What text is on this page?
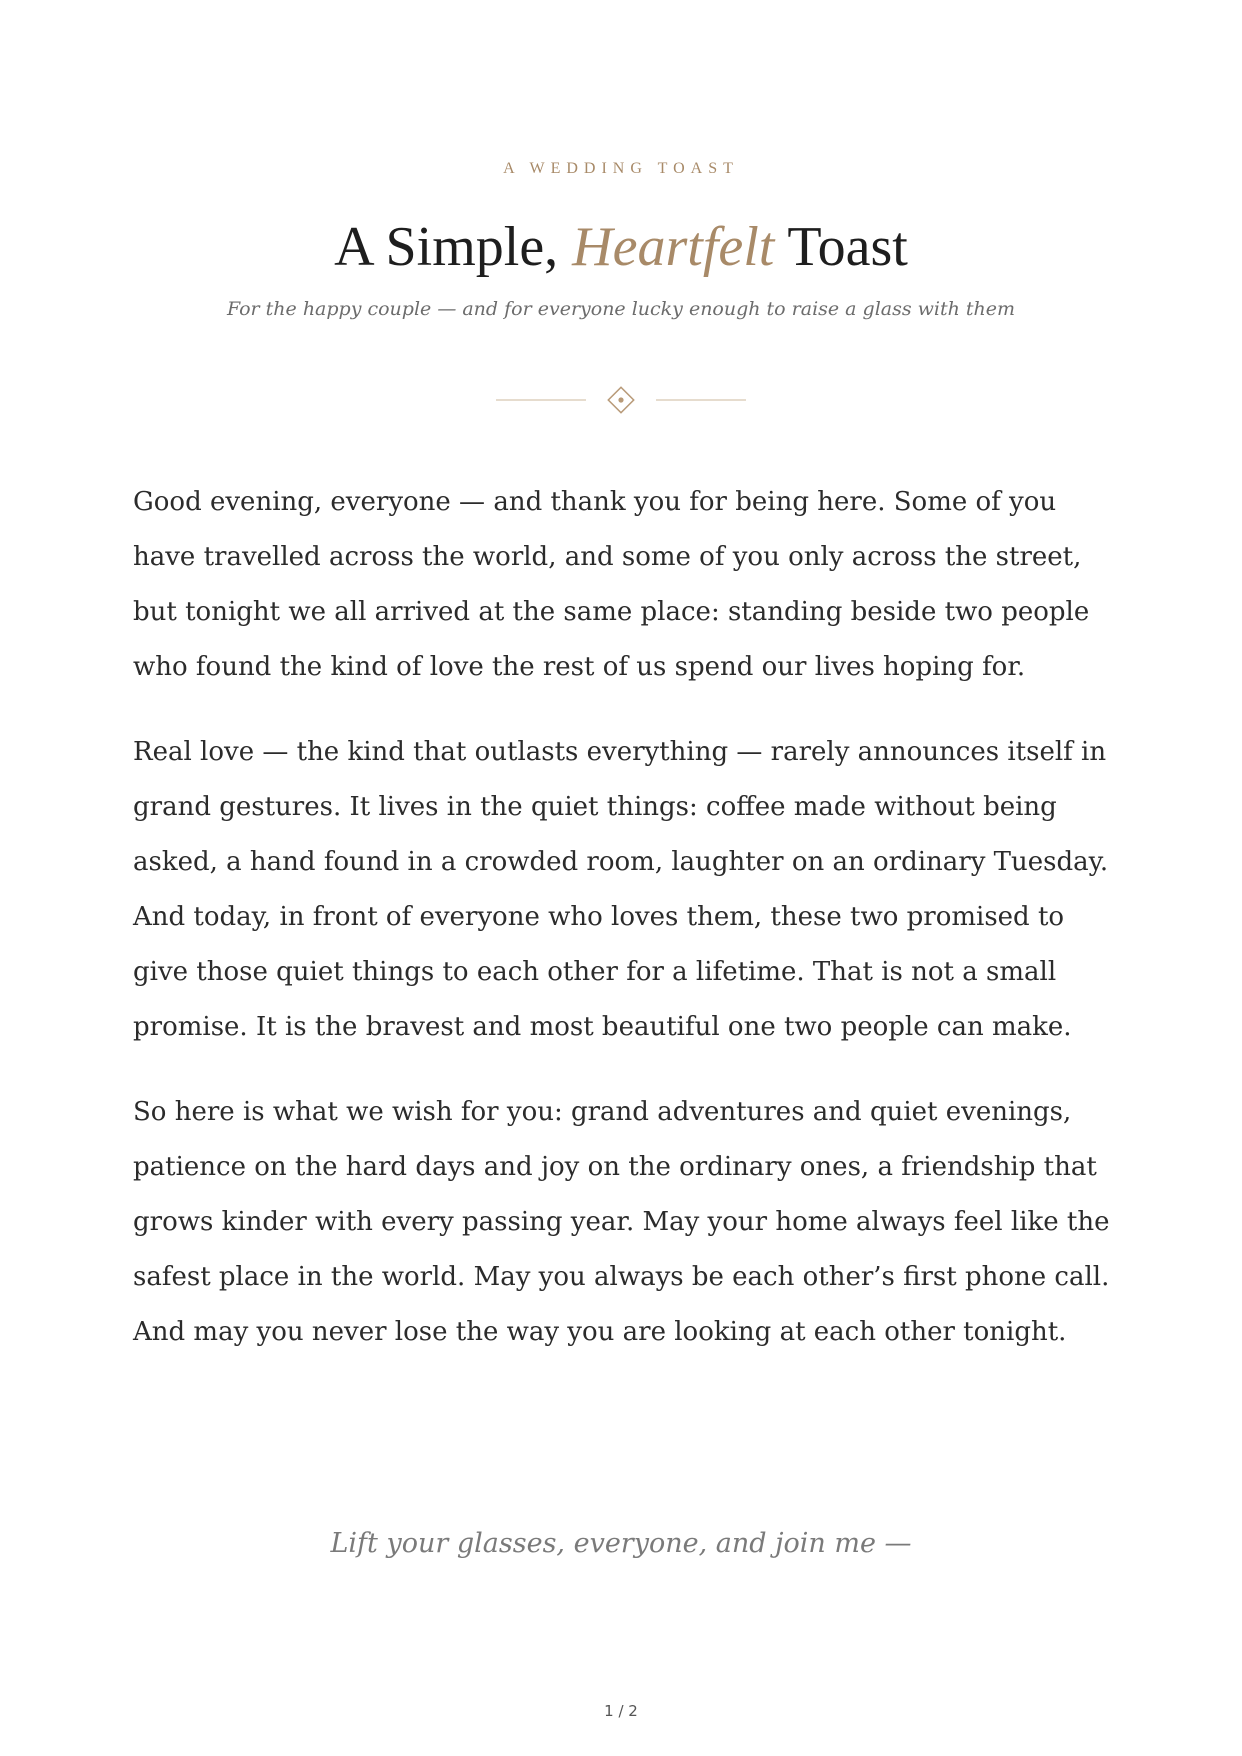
A WEDDING TOAST
A Simple, Heartfelt Toast
For the happy couple — and for everyone lucky enough to raise a glass with them

Good evening, everyone — and thank you for being here. Some of you have travelled across the world, and some of you only across the street, but tonight we all arrived at the same place: standing beside two people who found the kind of love the rest of us spend our lives hoping for.

Real love — the kind that outlasts everything — rarely announces itself in grand gestures. It lives in the quiet things: coffee made without being asked, a hand found in a crowded room, laughter on an ordinary Tuesday. And today, in front of everyone who loves them, these two promised to give those quiet things to each other for a lifetime. That is not a small promise. It is the bravest and most beautiful one two people can make.

So here is what we wish for you: grand adventures and quiet evenings, patience on the hard days and joy on the ordinary ones, a friendship that grows kinder with every passing year. May your home always feel like the safest place in the world. May you always be each other’s first phone call. And may you never lose the way you are looking at each other tonight.

Lift your glasses, everyone, and join me —
1 / 2
